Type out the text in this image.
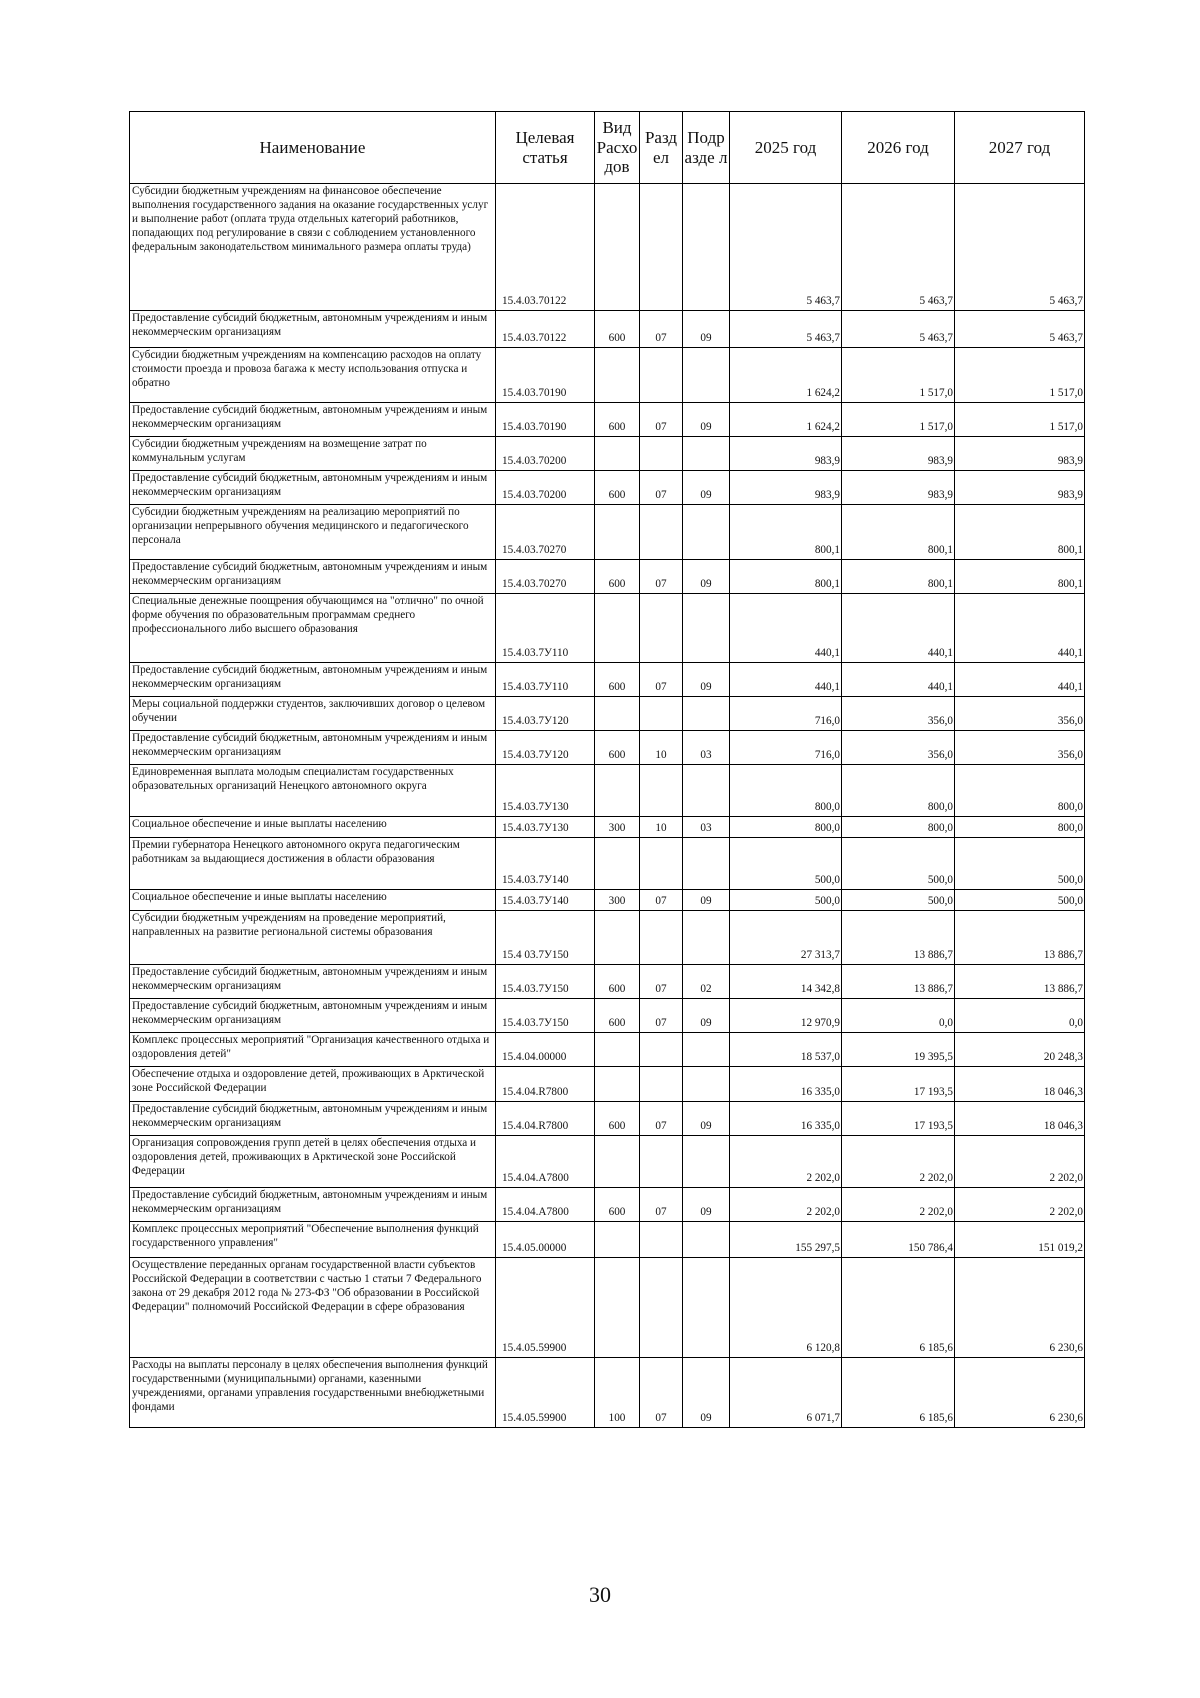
Наименование	Целевая статья	Вид Расхо дов	Разд ел	Подр азде л	2025 год	2026 год	2027 год
Субсидии бюджетным учреждениям на финансовое обеспечение выполнения государственного задания на оказание государственных услуг и выполнение работ (оплата труда отдельных категорий работников, попадающих под регулирование в связи с соблюдением установленного федеральным законодательством минимального размера оплаты труда)	15.4.03.70122				5 463,7	5 463,7	5 463,7
Предоставление субсидий бюджетным, автономным учреждениям и иным некоммерческим организациям	15.4.03.70122	600	07	09	5 463,7	5 463,7	5 463,7
Субсидии бюджетным учреждениям на компенсацию расходов на оплату стоимости проезда и провоза багажа к месту использования отпуска и обратно	15.4.03.70190				1 624,2	1 517,0	1 517,0
Предоставление субсидий бюджетным, автономным учреждениям и иным некоммерческим организациям	15.4.03.70190	600	07	09	1 624,2	1 517,0	1 517,0
Субсидии бюджетным учреждениям на возмещение затрат по коммунальным услугам	15.4.03.70200				983,9	983,9	983,9
Предоставление субсидий бюджетным, автономным учреждениям и иным некоммерческим организациям	15.4.03.70200	600	07	09	983,9	983,9	983,9
Субсидии бюджетным учреждениям на реализацию мероприятий по организации непрерывного обучения медицинского и педагогического персонала	15.4.03.70270				800,1	800,1	800,1
Предоставление субсидий бюджетным, автономным учреждениям и иным некоммерческим организациям	15.4.03.70270	600	07	09	800,1	800,1	800,1
Специальные денежные поощрения обучающимся на "отлично" по очной форме обучения по образовательным программам среднего профессионального либо высшего образования	15.4.03.7У110				440,1	440,1	440,1
Предоставление субсидий бюджетным, автономным учреждениям и иным некоммерческим организациям	15.4.03.7У110	600	07	09	440,1	440,1	440,1
Меры социальной поддержки студентов, заключивших договор о целевом обучении	15.4.03.7У120				716,0	356,0	356,0
Предоставление субсидий бюджетным, автономным учреждениям и иным некоммерческим организациям	15.4.03.7У120	600	10	03	716,0	356,0	356,0
Единовременная выплата молодым специалистам государственных образовательных организаций Ненецкого автономного округа	15.4.03.7У130				800,0	800,0	800,0
Социальное обеспечение и иные выплаты населению	15.4.03.7У130	300	10	03	800,0	800,0	800,0
Премии губернатора Ненецкого автономного округа педагогическим работникам за выдающиеся достижения в области образования	15.4.03.7У140				500,0	500,0	500,0
Социальное обеспечение и иные выплаты населению	15.4.03.7У140	300	07	09	500,0	500,0	500,0
Субсидии бюджетным учреждениям на проведение мероприятий, направленных на развитие региональной системы образования	15.4 03.7У150				27 313,7	13 886,7	13 886,7
Предоставление субсидий бюджетным, автономным учреждениям и иным некоммерческим организациям	15.4.03.7У150	600	07	02	14 342,8	13 886,7	13 886,7
Предоставление субсидий бюджетным, автономным учреждениям и иным некоммерческим организациям	15.4.03.7У150	600	07	09	12 970,9	0,0	0,0
Комплекс процессных мероприятий "Организация качественного отдыха и оздоровления детей"	15.4.04.00000				18 537,0	19 395,5	20 248,3
Обеспечение отдыха и оздоровление детей, проживающих в Арктической зоне Российской Федерации	15.4.04.R7800				16 335,0	17 193,5	18 046,3
Предоставление субсидий бюджетным, автономным учреждениям и иным некоммерческим организациям	15.4.04.R7800	600	07	09	16 335,0	17 193,5	18 046,3
Организация сопровождения групп детей в целях обеспечения отдыха и оздоровления детей, проживающих в Арктической зоне Российской Федерации	15.4.04.А7800				2 202,0	2 202,0	2 202,0
Предоставление субсидий бюджетным, автономным учреждениям и иным некоммерческим организациям	15.4.04.А7800	600	07	09	2 202,0	2 202,0	2 202,0
Комплекс процессных мероприятий "Обеспечение выполнения функций государственного управления"	15.4.05.00000				155 297,5	150 786,4	151 019,2
Осуществление переданных органам государственной власти субъектов Российской Федерации в соответствии с частью 1 статьи 7 Федерального закона от 29 декабря 2012 года № 273-ФЗ "Об образовании в Российской Федерации" полномочий Российской Федерации в сфере образования	15.4.05.59900				6 120,8	6 185,6	6 230,6
Расходы на выплаты персоналу в целях обеспечения выполнения функций государственными (муниципальными) органами, казенными учреждениями, органами управления государственными внебюджетными фондами	15.4.05.59900	100	07	09	6 071,7	6 185,6	6 230,6
30
